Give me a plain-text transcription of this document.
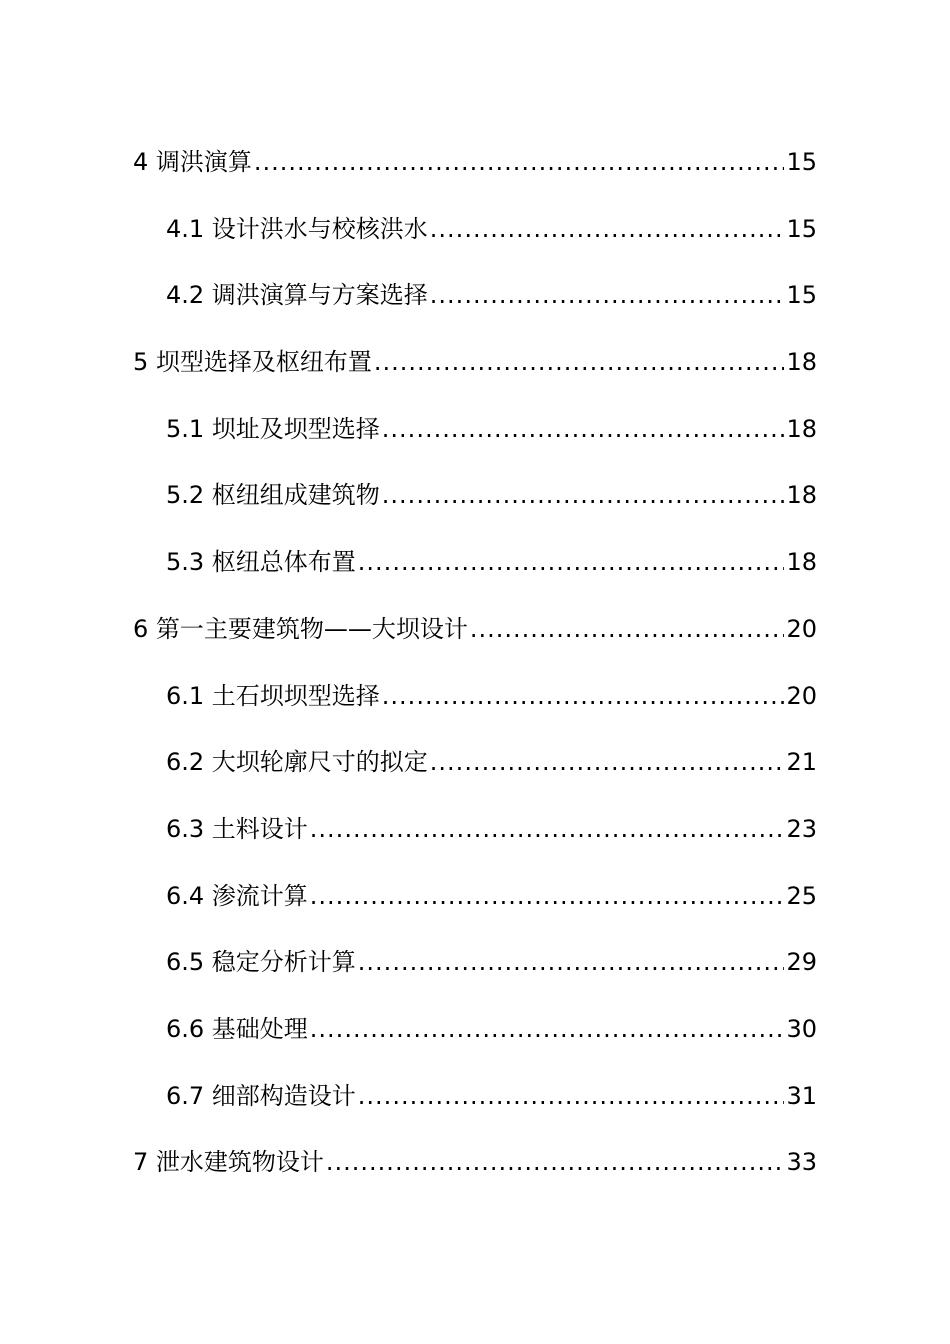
4 调洪演算 .....	15
4.1 设计洪水与校核洪水 .....	15
4.2 调洪演算与方案选择 .....	15
5 坝型选择及枢纽布置 .....	18
5.1 坝址及坝型选择 .....	18
5.2 枢纽组成建筑物 .....	18
5.3 枢纽总体布置 .....	18
6 第一主要建筑物——大坝设计 .....	20
6.1 土石坝坝型选择 .....	20
6.2 大坝轮廓尺寸的拟定 .....	21
6.3 土料设计 .....	23
6.4 渗流计算 .....	25
6.5 稳定分析计算 .....	29
6.6 基础处理 .....	30
6.7 细部构造设计 .....	31
7 泄水建筑物设计 .....	33
